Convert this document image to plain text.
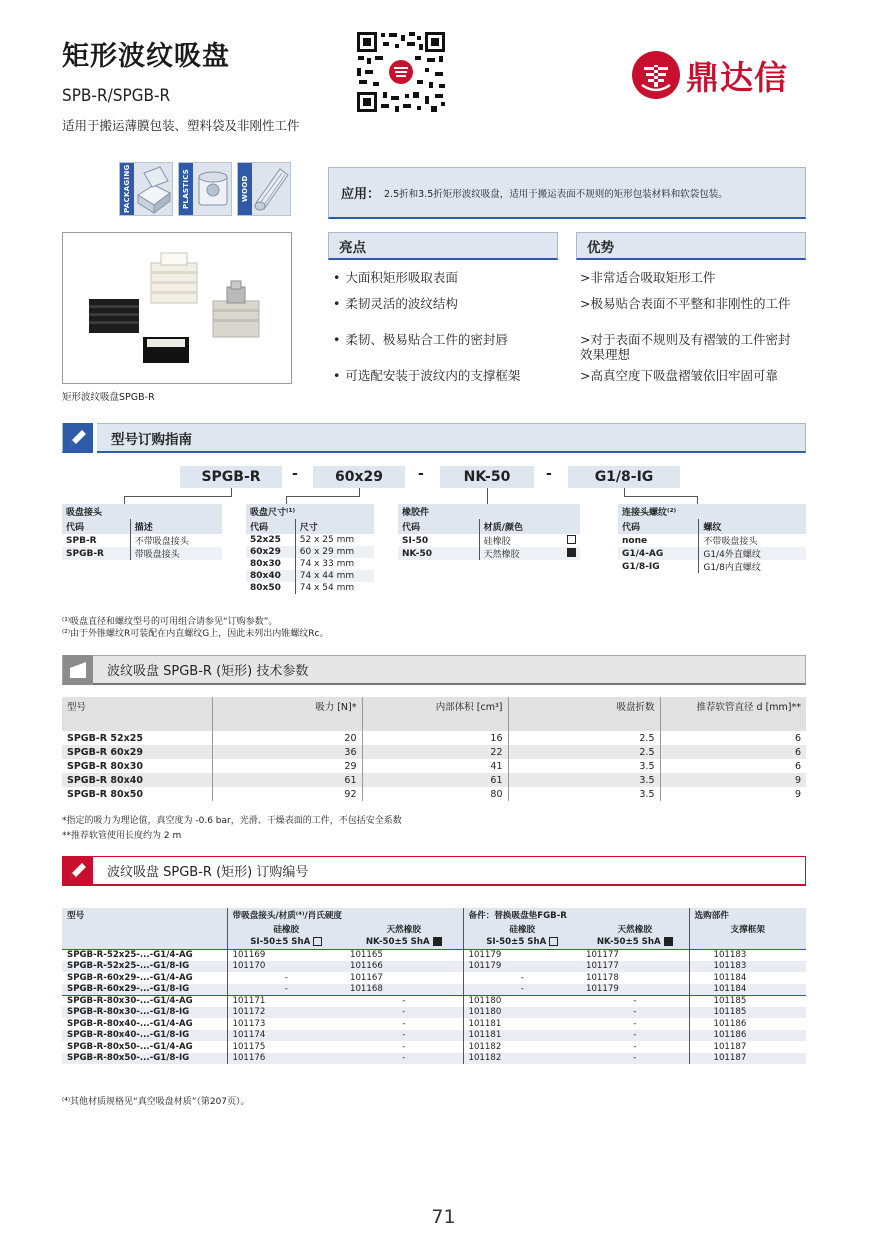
矩形波纹吸盘
SPB-R/SPGB-R
适用于搬运薄膜包装、塑料袋及非刚性工件
鼎达信
PACKAGING	PLASTICS	WOOD
矩形波纹吸盘SPGB-R
应用： 2.5折和3.5折矩形波纹吸盘，适用于搬运表面不规则的矩形包装材料和软袋包装。
亮点	优势
• 大面积矩形吸取表面
• 柔韧灵活的波纹结构
• 柔韧、极易贴合工件的密封唇
• 可选配安装于波纹内的支撑框架
>非常适合吸取矩形工件
>极易贴合表面不平整和非刚性的工件
>对于表面不规则及有褶皱的工件密封效果理想
>高真空度下吸盘褶皱依旧牢固可靠
型号订购指南
SPGB-R	-	60x29	-	NK-50	-	G1/8-IG
吸盘接头	
代码	描述
SPB-R	不带吸盘接头
SPGB-R	带吸盘接头
吸盘尺寸⁽¹⁾	
代码	尺寸
52x25	52 x 25 mm
60x29	60 x 29 mm
80x30	74 x 33 mm
80x40	74 x 44 mm
80x50	74 x 54 mm
橡胶件	
代码	材质/颜色
SI-50	硅橡胶

NK-50	天然橡胶
连接头螺纹⁽²⁾	
代码	螺纹
none	不带吸盘接头
G1/4-AG	G1/4外直螺纹
G1/8-IG	G1/8内直螺纹
⁽¹⁾吸盘直径和螺纹型号的可用组合请参见“订购参数”。
⁽²⁾由于外锥螺纹R可装配在内直螺纹G上，因此未列出内锥螺纹Rc。
波纹吸盘 SPGB-R (矩形) 技术参数
型号	吸力 [N]*	内部体积 [cm³]	吸盘折数	推荐软管直径 d [mm]**
SPGB-R 52x25	20	16	2.5	6
SPGB-R 60x29	36	22	2.5	6
SPGB-R 80x30	29	41	3.5	6
SPGB-R 80x40	61	61	3.5	9
SPGB-R 80x50	92	80	3.5	9
*指定的吸力为理论值，真空度为 -0.6 bar，光滑、干燥表面的工件，不包括安全系数
**推荐软管使用长度约为 2 m
波纹吸盘 SPGB-R (矩形) 订购编号
型号	带吸盘接头/材质⁽⁴⁾/肖氏硬度		备件：替换吸盘垫FGB-R		选购部件
	硅橡胶	天然橡胶	硅橡胶	天然橡胶	支撑框架
	SI-50±5 ShA	NK-50±5 ShA	SI-50±5 ShA	NK-50±5 ShA	
SPGB-R-52x25-...-G1/4-AG	101169	101165	101179	101177	101183
SPGB-R-52x25-...-G1/8-IG	101170	101166	101179	101177	101183
SPGB-R-60x29-...-G1/4-AG	-	101167	-	101178	101184
SPGB-R-60x29-...-G1/8-IG	-	101168	-	101179	101184
SPGB-R-80x30-...-G1/4-AG	101171	-	101180	-	101185
SPGB-R-80x30-...-G1/8-IG	101172	-	101180	-	101185
SPGB-R-80x40-...-G1/4-AG	101173	-	101181	-	101186
SPGB-R-80x40-...-G1/8-IG	101174	-	101181	-	101186
SPGB-R-80x50-...-G1/4-AG	101175	-	101182	-	101187
SPGB-R-80x50-...-G1/8-IG	101176	-	101182	-	101187
⁽⁴⁾其他材质规格见“真空吸盘材质”（第207页）。
71
